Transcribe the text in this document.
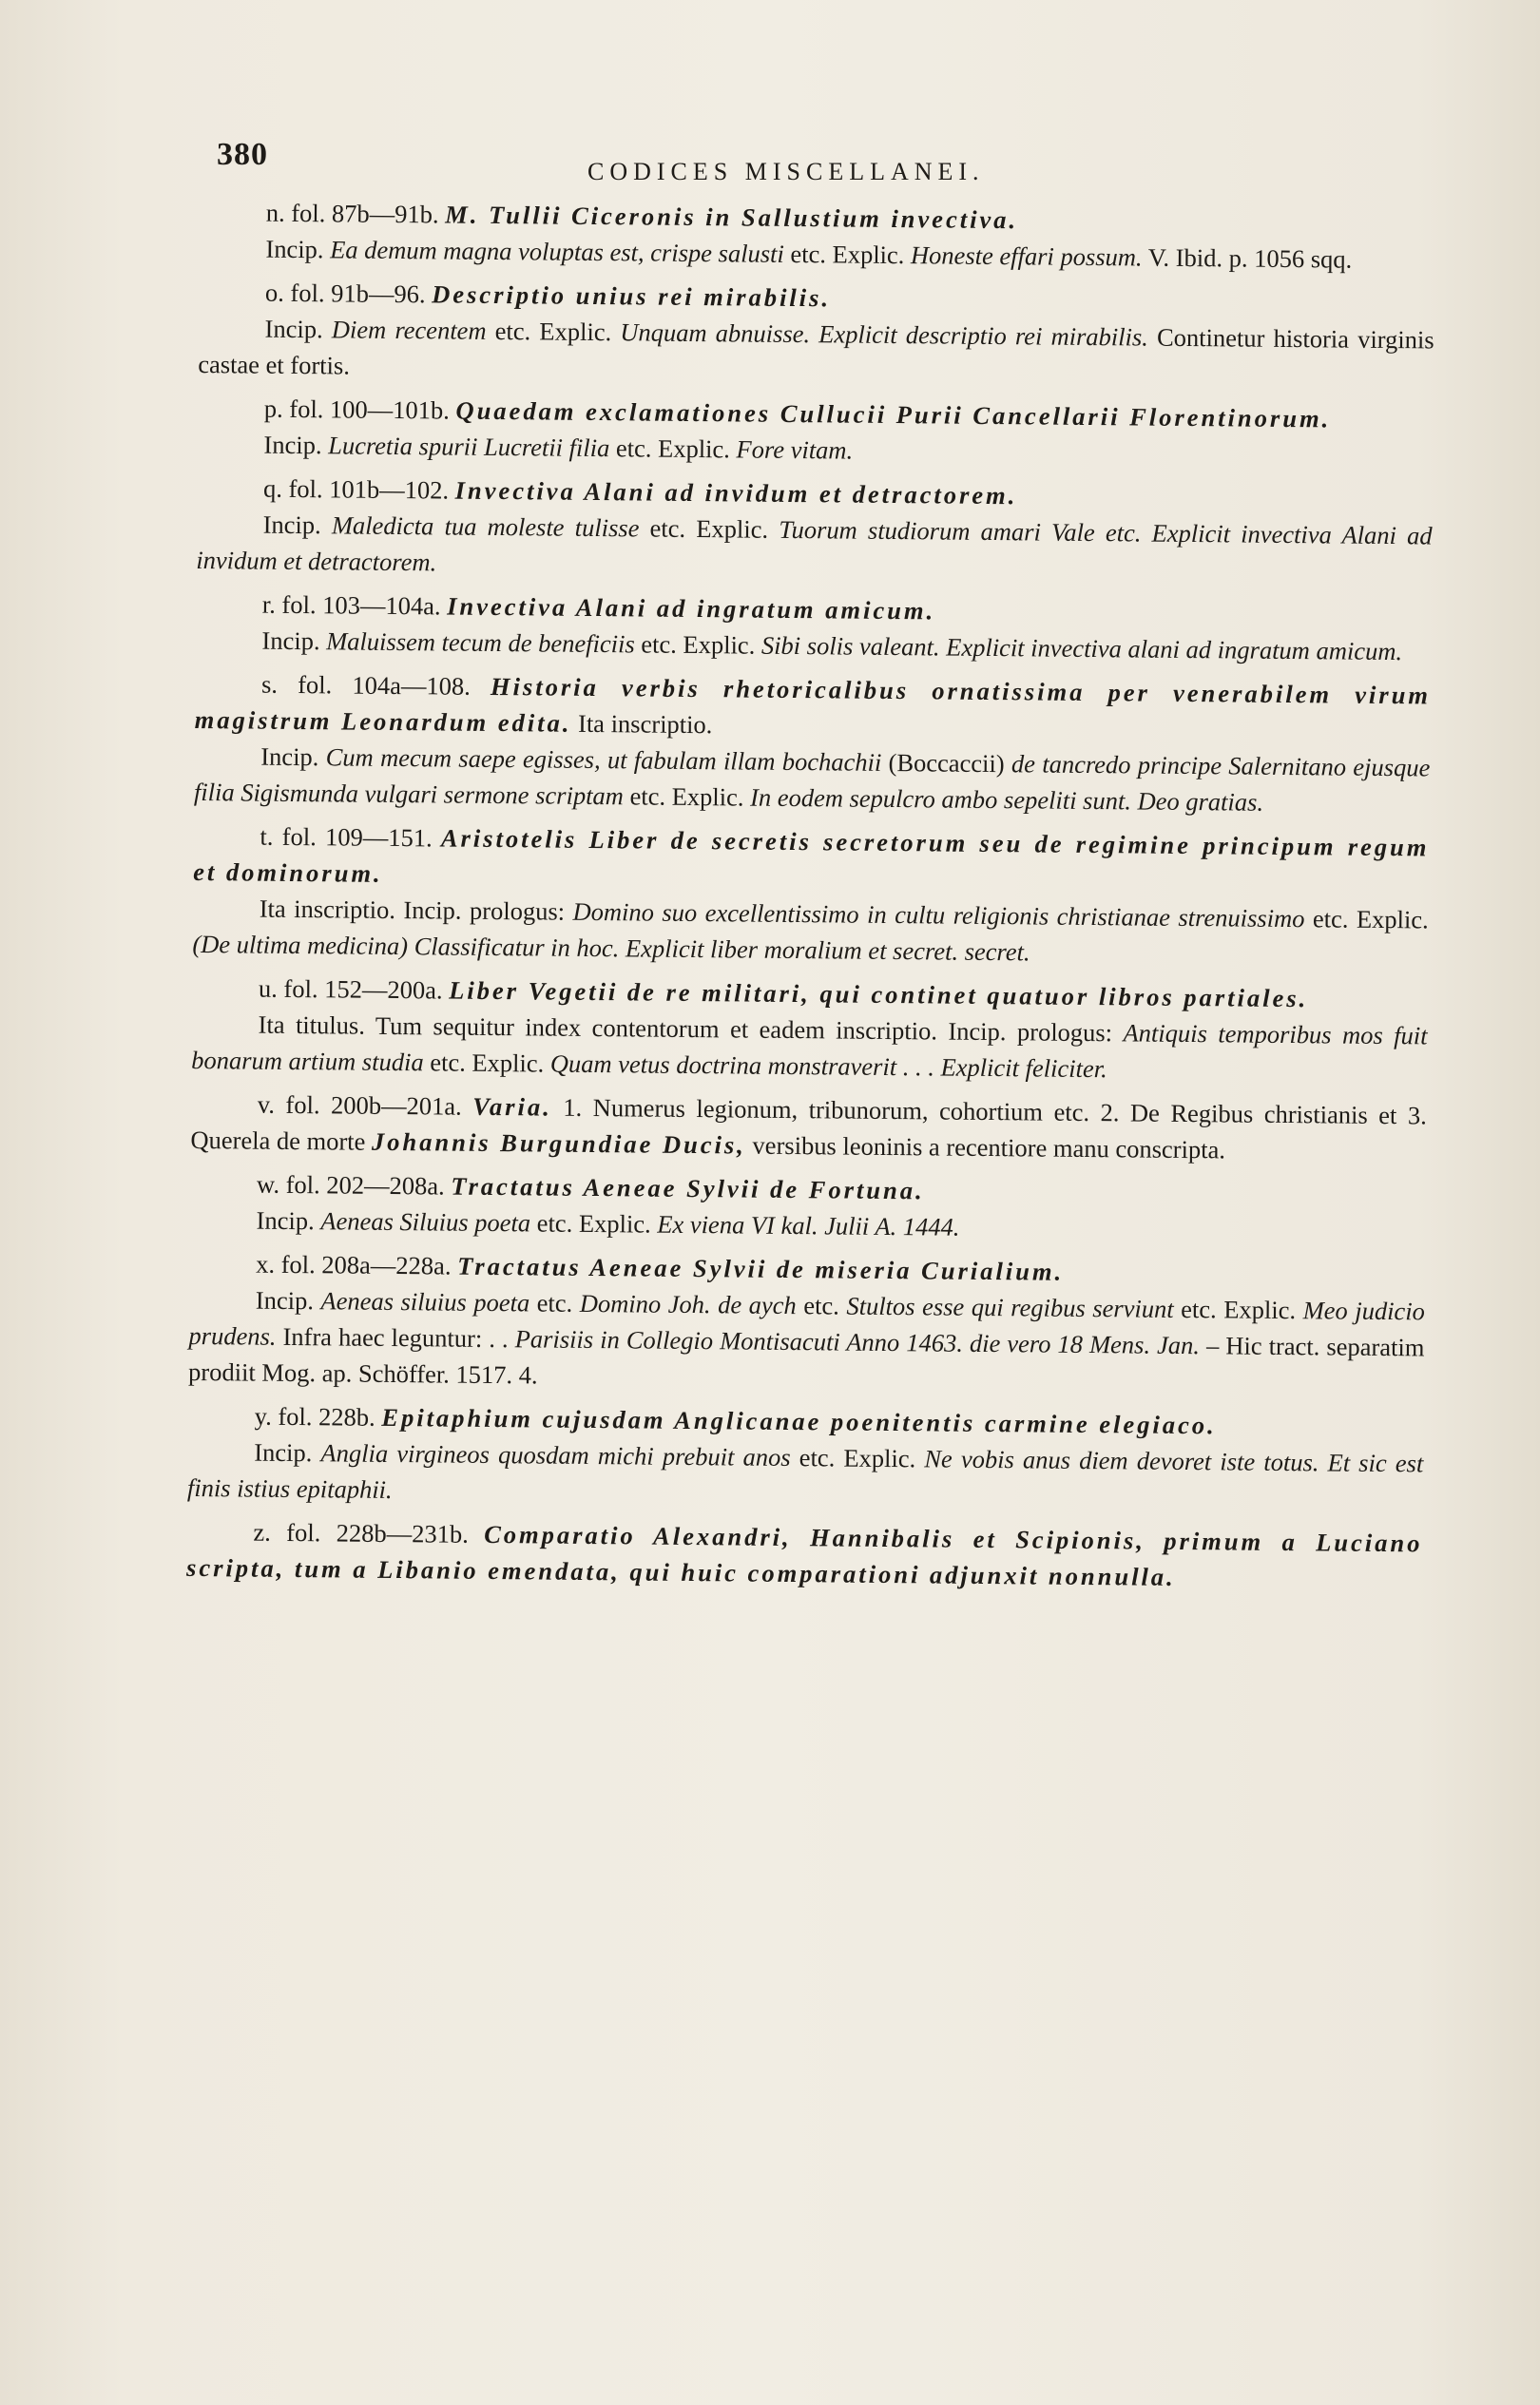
380	CODICES MISCELLANEI.

n. fol. 87b—91b. M. Tullii Ciceronis in Sallustium invectiva.

Incip. Ea demum magna voluptas est, crispe salusti etc. Explic. Honeste effari possum. V. Ibid. p. 1056 sqq.

o. fol. 91b—96. Descriptio unius rei mirabilis.

Incip. Diem recentem etc. Explic. Unquam abnuisse. Explicit descriptio rei mirabilis. Continetur historia virginis castae et fortis.

p. fol. 100—101b. Quaedam exclamationes Cullucii Purii Cancellarii Florentinorum.

Incip. Lucretia spurii Lucretii filia etc. Explic. Fore vitam.

q. fol. 101b—102. Invectiva Alani ad invidum et detractorem.

Incip. Maledicta tua moleste tulisse etc. Explic. Tuorum studiorum amari Vale etc. Explicit invectiva Alani ad invidum et detractorem.

r. fol. 103—104a. Invectiva Alani ad ingratum amicum.

Incip. Maluissem tecum de beneficiis etc. Explic. Sibi solis valeant. Explicit invectiva alani ad ingratum amicum.

s. fol. 104a—108. Historia verbis rhetoricalibus ornatissima per venerabilem virum magistrum Leonardum edita. Ita inscriptio.

Incip. Cum mecum saepe egisses, ut fabulam illam bochachii (Boccaccii) de tancredo principe Salernitano ejusque filia Sigismunda vulgari sermone scriptam etc. Explic. In eodem sepulcro ambo sepeliti sunt. Deo gratias.

t. fol. 109—151. Aristotelis Liber de secretis secretorum seu de regimine principum regum et dominorum.

Ita inscriptio. Incip. prologus: Domino suo excellentissimo in cultu religionis christianae strenuissimo etc. Explic. (De ultima medicina) Classificatur in hoc. Explicit liber moralium et secret. secret.

u. fol. 152—200a. Liber Vegetii de re militari, qui continet quatuor libros partiales.

Ita titulus. Tum sequitur index contentorum et eadem inscriptio. Incip. prologus: Antiquis temporibus mos fuit bonarum artium studia etc. Explic. Quam vetus doctrina monstraverit . . . Explicit feliciter.

v. fol. 200b—201a. Varia. 1. Numerus legionum, tribunorum, cohortium etc. 2. De Regibus christianis et 3. Querela de morte Johannis Burgundiae Ducis, versibus leoninis a recentiore manu conscripta.

w. fol. 202—208a. Tractatus Aeneae Sylvii de Fortuna.

Incip. Aeneas Siluius poeta etc. Explic. Ex viena VI kal. Julii A. 1444.

x. fol. 208a—228a. Tractatus Aeneae Sylvii de miseria Curialium.

Incip. Aeneas siluius poeta etc. Domino Joh. de aych etc. Stultos esse qui regibus serviunt etc. Explic. Meo judicio prudens. Infra haec leguntur: . . Parisiis in Collegio Montisacuti Anno 1463. die vero 18 Mens. Jan. – Hic tract. separatim prodiit Mog. ap. Schöffer. 1517. 4.

y. fol. 228b. Epitaphium cujusdam Anglicanae poenitentis carmine elegiaco.

Incip. Anglia virgineos quosdam michi prebuit anos etc. Explic. Ne vobis anus diem devoret iste totus. Et sic est finis istius epitaphii.

z. fol. 228b—231b. Comparatio Alexandri, Hannibalis et Scipionis, primum a Luciano scripta, tum a Libanio emendata, qui huic comparationi adjunxit nonnulla.
